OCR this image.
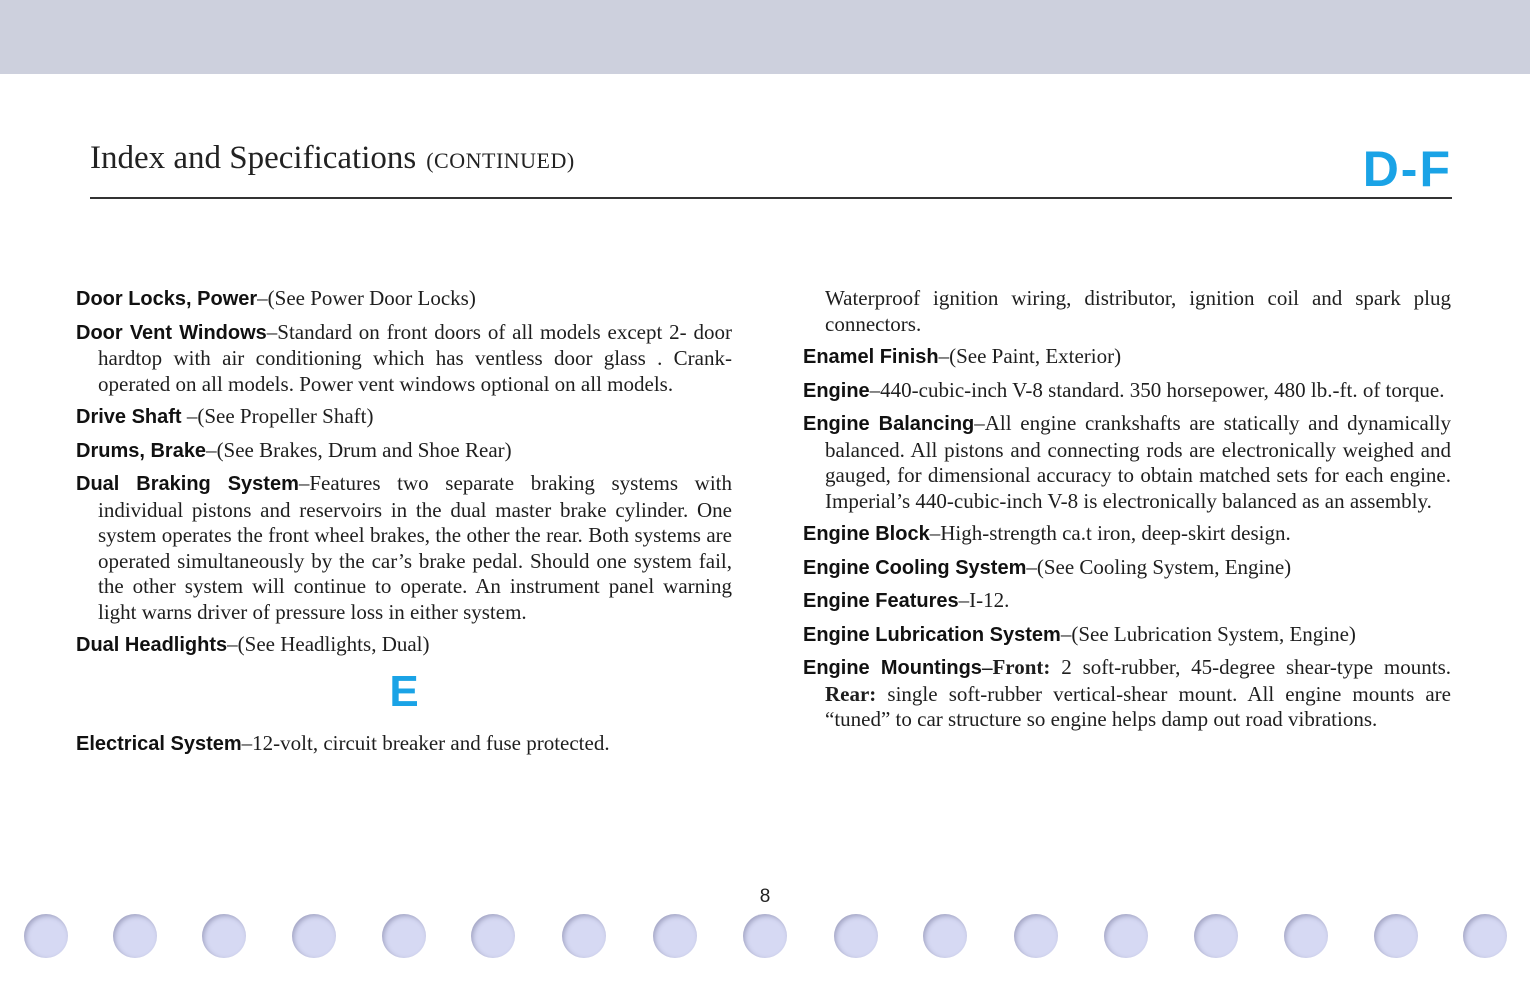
Index and Specifications (CONTINUED)	D-F

Door Locks, Power–(See Power Door Locks)

Door Vent Windows–Standard on front doors of all models except 2- door hardtop with air conditioning which has ventless door glass . Crank-operated on all models. Power vent windows optional on all models.

Drive Shaft –(See Propeller Shaft)

Drums, Brake–(See Brakes, Drum and Shoe Rear)

Dual Braking System–Features two separate braking systems with individual pistons and reservoirs in the dual master brake cylinder. One system operates the front wheel brakes, the other the rear. Both systems are operated simultaneously by the car’s brake pedal. Should one system fail, the other system will continue to operate. An instrument panel warning light warns driver of pressure loss in either system.

Dual Headlights–(See Headlights, Dual)

E

Electrical System–12-volt, circuit breaker and fuse protected.

Waterproof ignition wiring, distributor, ignition coil and spark plug connectors.

Enamel Finish–(See Paint, Exterior)

Engine–440-cubic-inch V-8 standard. 350 horsepower, 480 lb.-ft. of torque.

Engine Balancing–All engine crankshafts are statically and dynamically balanced. All pistons and connecting rods are electronically weighed and gauged, for dimensional accuracy to obtain matched sets for each engine. Imperial’s 440-cubic-inch V-8 is electronically balanced as an assembly.

Engine Block–High-strength ca.t iron, deep-skirt design.

Engine Cooling System–(See Cooling System, Engine)

Engine Features–I-12.

Engine Lubrication System–(See Lubrication System, Engine)

Engine Mountings–Front: 2 soft-rubber, 45-degree shear-type mounts. Rear: single soft-rubber vertical-shear mount. All engine mounts are “tuned” to car structure so engine helps damp out road vibrations.

8
